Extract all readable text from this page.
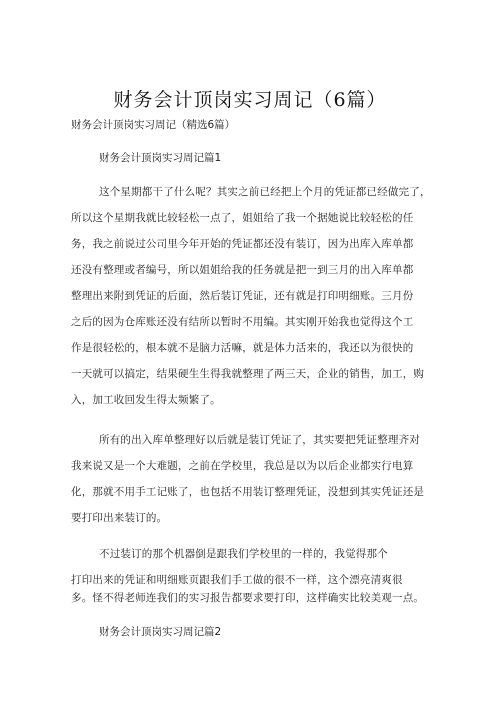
财务会计顶岗实习周记（6篇）
财务会计顶岗实习周记（精选6篇）
财务会计顶岗实习周记篇1
这个星期都干了什么呢？其实之前已经把上个月的凭证都已经做完了，
所以这个星期我就比较轻松一点了，姐姐给了我一个据她说比较轻松的任
务，我之前说过公司里今年开始的凭证都还没有装订，因为出库入库单都
还没有整理或者编号，所以姐姐给我的任务就是把一到三月的出入库单都
整理出来附到凭证的后面，然后装订凭证，还有就是打印明细账。三月份
之后的因为仓库账还没有结所以暂时不用编。其实刚开始我也觉得这个工
作是很轻松的，根本就不是脑力活嘛，就是体力活来的，我还以为很快的
一天就可以搞定，结果硬生生得我就整理了两三天，企业的销售，加工，购
入，加工收回发生得太频繁了。
所有的出入库单整理好以后就是装订凭证了，其实要把凭证整理齐对
我来说又是一个大难题，之前在学校里，我总是以为以后企业都实行电算
化，那就不用手工记账了，也包括不用装订整理凭证，没想到其实凭证还是
要打印出来装订的。
不过装订的那个机器倒是跟我们学校里的一样的，我觉得那个
打印出来的凭证和明细账页跟我们手工做的很不一样，这个漂亮清爽很
多。怪不得老师连我们的实习报告都要求要打印，这样确实比较美观一点。
财务会计顶岗实习周记篇2
